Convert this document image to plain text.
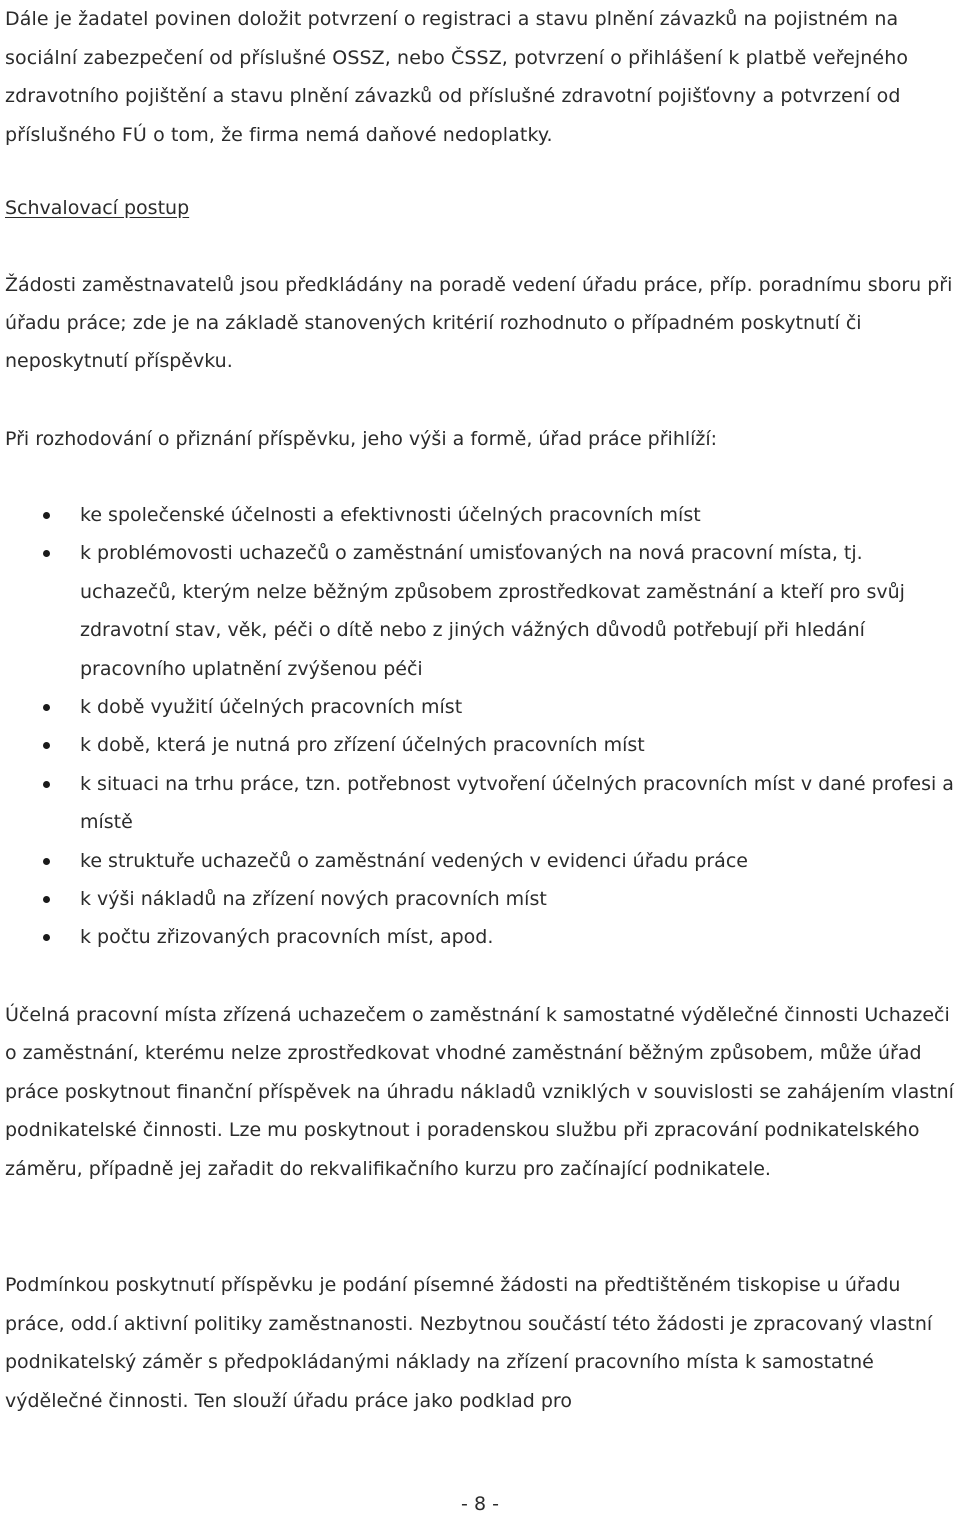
Dále je žadatel povinen doložit potvrzení o registraci a stavu plnění závazků na pojistném na sociální zabezpečení od příslušné OSSZ, nebo ČSSZ, potvrzení o přihlášení k platbě veřejného zdravotního pojištění a stavu plnění závazků od příslušné zdravotní pojišťovny a potvrzení od příslušného FÚ o tom, že firma nemá daňové nedoplatky.

Schvalovací postup

Žádosti zaměstnavatelů jsou předkládány na poradě vedení úřadu práce, příp. poradnímu sboru při úřadu práce; zde je na základě stanovených kritérií rozhodnuto o případném poskytnutí či neposkytnutí příspěvku.

Při rozhodování o přiznání příspěvku, jeho výši a formě, úřad práce přihlíží:

ke společenské účelnosti a efektivnosti účelných pracovních míst
k problémovosti uchazečů o zaměstnání umisťovaných na nová pracovní místa, tj. uchazečů, kterým nelze běžným způsobem zprostředkovat zaměstnání a kteří pro svůj zdravotní stav, věk, péči o dítě nebo z jiných vážných důvodů potřebují při hledání pracovního uplatnění zvýšenou péči
k době využití účelných pracovních míst
k době, která je nutná pro zřízení účelných pracovních míst
k situaci na trhu práce, tzn. potřebnost vytvoření účelných pracovních míst v dané profesi a místě
ke struktuře uchazečů o zaměstnání vedených v evidenci úřadu práce
k výši nákladů na zřízení nových pracovních míst
k počtu zřizovaných pracovních míst, apod.

Účelná pracovní místa zřízená uchazečem o zaměstnání k samostatné výdělečné činnosti Uchazeči o zaměstnání, kterému nelze zprostředkovat vhodné zaměstnání běžným způsobem, může úřad práce poskytnout finanční příspěvek na úhradu nákladů vzniklých v souvislosti se zahájením vlastní podnikatelské činnosti. Lze mu poskytnout i poradenskou službu při zpracování podnikatelského záměru, případně jej zařadit do rekvalifikačního kurzu pro začínající podnikatele.

Podmínkou poskytnutí příspěvku je podání písemné žádosti na předtištěném tiskopise u úřadu práce, odd.í aktivní politiky zaměstnanosti. Nezbytnou součástí této žádosti je zpracovaný vlastní podnikatelský záměr s předpokládanými náklady na zřízení pracovního místa k samostatné výdělečné činnosti. Ten slouží úřadu práce jako podklad pro

- 8 -
